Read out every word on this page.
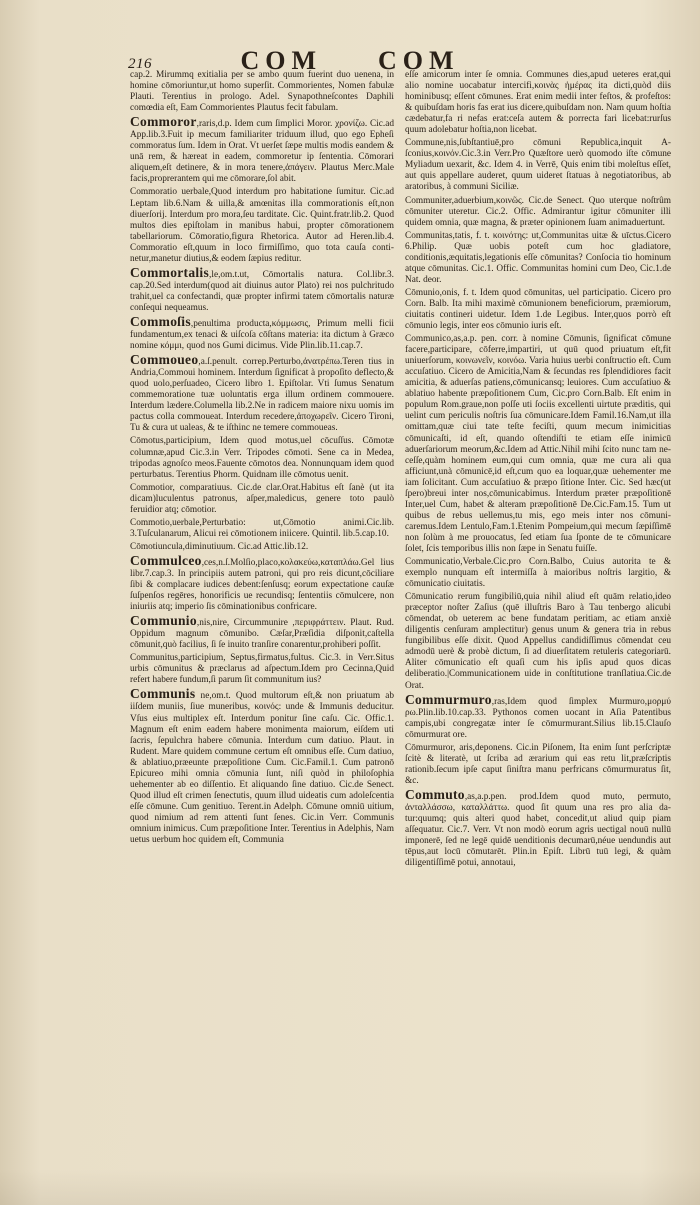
216	COM COM

cap.2. Mirummq exitialia per se ambo quum fuerint duo uenena, in homine cōmoriuntur,ut homo superſit. Commorientes, Nomen fabulæ Plauti. Terentius in prologo. Adel. Synapothneſcontes Daphili comœdia eſt, Eam Commorientes Plautus fecit fabulam.

Commoror,raris,d.p. Idem cum ſimplici Moror. χρονίζω. Cic.ad App.lib.3.Fuit ip mecum familiariter triduum illud, quo ego Epheſi commoratus ſum. Idem in Orat. Vt uerſet ſæpe multis modis eandem & unā rem, & hæreat in eadem, commoretur ip ſententia. Cōmorari aliquem,eſt detinere, & in mora tenere,ἀπάγειν. Plautus Merc.Male facis,proprerantem qui me cōmorare,ſol abit.

Commoratio uerbale,Quod interdum pro habitatione ſumitur. Cic.ad Leptam lib.6.Nam & uilla,& amœnitas illa commorationis eſt,non diuerſorij. Interdum pro mora,ſeu tarditate. Cic. Quint.fratr.lib.2. Quod multos dies epiſtolam in manibus habui, propter cōmorationem tabellariorum. Cōmoratio,figura Rhetorica. Autor ad Heren.lib.4. Commoratio eſt,quum in loco firmiſſimo, quo tota cauſa continetur,manetur diutius,& eodem ſæpius reditur.

Commortalis,le,om.t.ut, Cōmortalis natura. Col.libr.3. cap.20.Sed interdum(quod ait diuinus autor Plato) rei nos pulchritudo trahit,uel ca confectandi, quæ propter infirmi tatem cōmortalis naturæ conſequi nequeamus.

Commoſis,penultima producta,κόμμωσις, Primum melli ficii fundamentum,ex tenaci & uiſcoſa cōſtans materia: ita dictum à Græco nomine κόμμι, quod nos Gumi dicimus. Vide Plin.lib.11.cap.7.

Commoueo,a.ſ.penult. correp.Perturbo,ἀνατρέπω.Teren tius in Andria,Commoui hominem. Interdum ſignificat à propoſito deflecto,& quod uolo,perſuadeo, Cicero libro 1. Epiſtolar. Vti ſumus Senatum commemoratione tuæ uoluntatis erga illum ordinem commouere. Interdum lædere.Columella lib.2.Ne in radicem maiore nixu uomis im pactus colla commoueat. Interdum recedere,ἀποχωρεῖν. Cicero Tironi, Tu & cura ut ualeas, & te iſthinc ne temere commoueas.

Cōmotus,participium, Idem quod motus,uel cōcuſſus. Cōmotæ columnæ,apud Cic.3.in Verr. Tripodes cōmoti. Sene ca in Medea, tripodas agnoſco meos.Fauente cōmotos dea. Nonnunquam idem quod perturbatus. Terentius Phorm. Quidnam ille cōmotus uenit.

Commotior, comparatiuus. Cic.de clar.Orat.Habitus eſt ſanè (ut ita dicam)luculentus patronus, aſper,maledicus, genere toto paulò feruidior atq; cōmotior.

Commotio,uerbale,Perturbatio: ut,Cōmotio animi.Cic.lib. 3.Tuſculanarum, Alicui rei cōmotionem iniicere. Quintil. lib.5.cap.10.

Cōmotiuncula,diminutiuum. Cic.ad Attic.lib.12.

Commulceo,ces,n.ſ.Molſio,placo,κολακεύω,καταπλάω.Gel lius libr.7.cap.3. In principiis autem patroni, qui pro reis dicunt,cōciliare ſibi & complacare iudices debent:ſenſusq; eorum expectatione cauſæ ſuſpenſos regēres, honorificis ue recundisq; ſententiis cōmulcere, non iniuriis atq; imperio ſis cōminationibus confricare.

Communio,nis,nire, Circummunire ,περιφράττειν. Plaut. Rud. Oppidum magnum cōmunibo. Cæſar,Præſidia diſponit,caſtella cōmunit,quò facilius, ſi ſe inuito tranſire conarentur,prohiberi poſſit.

Communitus,participium, Septus,firmatus,fultus. Cic.3. in Verr.Situs urbis cōmunitus & præclarus ad aſpectum.Idem pro Cecinna,Quid refert habere fundum,ſi parum ſit communitum ius?

Communis ne,om.t. Quod multorum eſt,& non priuatum ab iiſdem muniis, ſiue muneribus, κοινός: unde & Immunis deducitur. Vſus eius multiplex eſt. Interdum ponitur ſine caſu. Cic. Offic.1. Magnum eſt enim eadem habere monimenta maiorum, eiſdem uti ſacris, ſepulchra habere cōmunia. Interdum cum datiuo. Plaut. in Rudent. Mare quidem commune certum eſt omnibus eſſe. Cum datiuo, & ablatiuo,præeunte præpoſitione Cum. Cic.Famil.1. Cum patronō Epicureo mihi omnia cōmunia ſunt, niſi quòd in philoſophia uehementer ab eo diſſentio. Et aliquando ſine datiuo. Cic.de Senect. Quod illud eſt crimen ſenectutis, quum illud uideatis cum adoleſcentia eſſe cōmune. Cum genitiuo. Terent.in Adelph. Cōmune omniū uitium, quod nimium ad rem attenti ſunt ſenes. Cic.in Verr. Communis omnium inimicus. Cum præpoſitione Inter. Terentius in Adelphis, Nam uetus uerbum hoc quidem eſt, Communia

eſſe amicorum inter ſe omnia. Communes dies,apud ueteres erat,qui alio nomine uocabatur intercifi,κοινὰς ἡμέρας ita dicti,quòd diis hominibusq; eſſent cōmunes. Erat enim medii inter feſtos, & profeſtos: & quibuſdam horis fas erat ius dicere,quibuſdam non. Nam quum hoſtia cædebatur,fa ri nefas erat:ceſa autem & porrecta fari licebat:rurſus quum adolebatur hoſtia,non licebat.

Commune,nis,ſubſtantiuē,pro cōmuni Republica,inquit Aſconius,κοινόν.Cic.3.in Verr.Pro Quæſtore uerò quomodo iſte cōmune Myliadum uexarit, &c. Idem 4. in Verrē, Quis enim tibi moleſtus eſſet, aut quis appellare auderet, quum uideret ſtatuas à negotiatoribus, ab aratoribus, à communi Siciliæ.

Communiter,aduerbium,κοινῶς. Cic.de Senect. Quo uterque noſtrûm cōmuniter uteretur. Cic.2. Offic. Admirantur igitur cōmuniter illi quidem omnia, quæ magna, & præter opinionem ſuam animaduertunt.

Communitas,tatis, f. t. κοινότης: ut,Communitas uitæ & uīctus.Cicero 6.Philip. Quæ uobis poteſt cum hoc gladiatore, conditionis,æquitatis,legationis eſſe cōmunitas? Conſocia tio hominum atque cōmunitas. Cic.1. Offic. Communitas homini cum Deo, Cic.1.de Nat. deor.

Cōmunio,onis, f. t. Idem quod cōmunitas, uel participatio. Cicero pro Corn. Balb. Ita mihi maximè cōmunionem beneficiorum, præmiorum, ciuitatis contineri uidetur. Idem 1.de Legibus. Inter,quos porrò eſt cōmunio legis, inter eos cōmunio iuris eſt.

Communico,as,a.p. pen. corr. à nomine Cōmunis, ſignificat cōmune facere,participare, cōferre,impartiri, ut quū quod priuatum eſt,fit uniuerſorum, κοινωνεῖν, κοινόω. Varia huius uerbi conſtructio eſt. Cum accuſatiuo. Cicero de Amicitia,Nam & ſecundas res ſplendidiores facit amicitia, & aduerſas patiens,cōmunicansq; leuiores. Cum accuſatiuo & ablatiuo habente præpoſitionem Cum, Cic.pro Corn.Balb. Eſt enim in populum Rom.graue,non poſſe uti ſociis excellenti uirtute præditis, qui uelint cum periculis noſtris ſua cōmunicare.Idem Famil.16.Nam,ut illa omittam,quæ ciui tate teſte feciſti, quum mecum inimicitias cōmunicaſti, id eſt, quando oſtendiſti te etiam eſſe inimicū aduerſariorum meorum,&c.Idem ad Attic.Nihil mihi ſcito nunc tam neceſſe,quàm hominem eum,qui cum omnia, quæ me cura ali qua afficiunt,unà cōmunicē,id eſt,cum quo ea loquar,quæ uehementer me iam ſolicitant. Cum accuſatiuo & præpo ſitione Inter. Cic. Sed hæc(ut ſpero)breui inter nos,cōmunicabimus. Interdum præter præpoſitionē Inter,uel Cum, habet & alteram præpoſitionē De.Cic.Fam.15. Tum ut quibus de rebus uellemus,tu mis, ego meis inter nos cōmunicaremus.Idem Lentulo,Fam.1.Etenim Pompeium,qui mecum ſæpiſſimē non ſolùm à me prouocatus, ſed etiam ſua ſponte de te cōmunicare ſolet, ſcis temporibus illis non ſæpe in Senatu fuiſſe.

Communicatio,Verbale.Cic.pro Corn.Balbo, Cuius autorita te & exemplo nunquam eſt intermiſſa à maioribus noſtris largitio, & cōmunicatio ciuitatis.

Cōmunicatio rerum fungibiliū,quia nihil aliud eſt quām relatio,ideo præceptor noſter Zaſius (quē illuſtris Baro à Tau tenbergo alicubi cōmendat, ob ueterem ac bene fundatam peritiam, ac etiam anxiè diligentis cenſuram amplectitur) genus unum & genera tria in rebus fungibilibus eſſe dixit. Quod Appellus candidiſſimus cōmendat ceu admodū uerè & probè dictum, ſi ad diuerſitatem retuleris categoriarū. Aliter cōmunicatio eſt quaſi cum his ipſis apud quos dicas deliberatio.|Communicationem uide in conſtitutione tranſlatiua.Cic.de Orat.

Commurmuro,ras,Idem quod ſimplex Murmuro,μορμύ ρω.Plin.lib.10.cap.33. Pythonos comen uocant in Aſia Patentibus campis,ubi congregatæ inter ſe cōmurmurant.Silius lib.15.Clauſo cōmurmurat ore.

Cōmurmuror, aris,deponens. Cic.in Piſonem, Ita enim ſunt perſcriptæ ſcitè & literatè, ut ſcriba ad ærarium qui eas retu lit,præſcriptis rationib.ſecum ipſe caput ſiniſtra manu perfricans cōmurmuratus ſit, &c.

Commuto,as,a.p.pen. prod.Idem quod muto, permuto, ἀνταλλάσσω, καταλλάττω. quod ſit quum una res pro alia datur:quumq; quis alteri quod habet, concedit,ut aliud quip piam aſſequatur. Cic.7. Verr. Vt non modò eorum agris uectigal nouū nullū imponerē, ſed ne legē quidē uenditionis decumarū,néue uendundis aut tēpus,aut locū cōmutarēt. Plin.in Epiſt. Librū tuū legi, & quàm diligentiſſimē potui, annotaui,
